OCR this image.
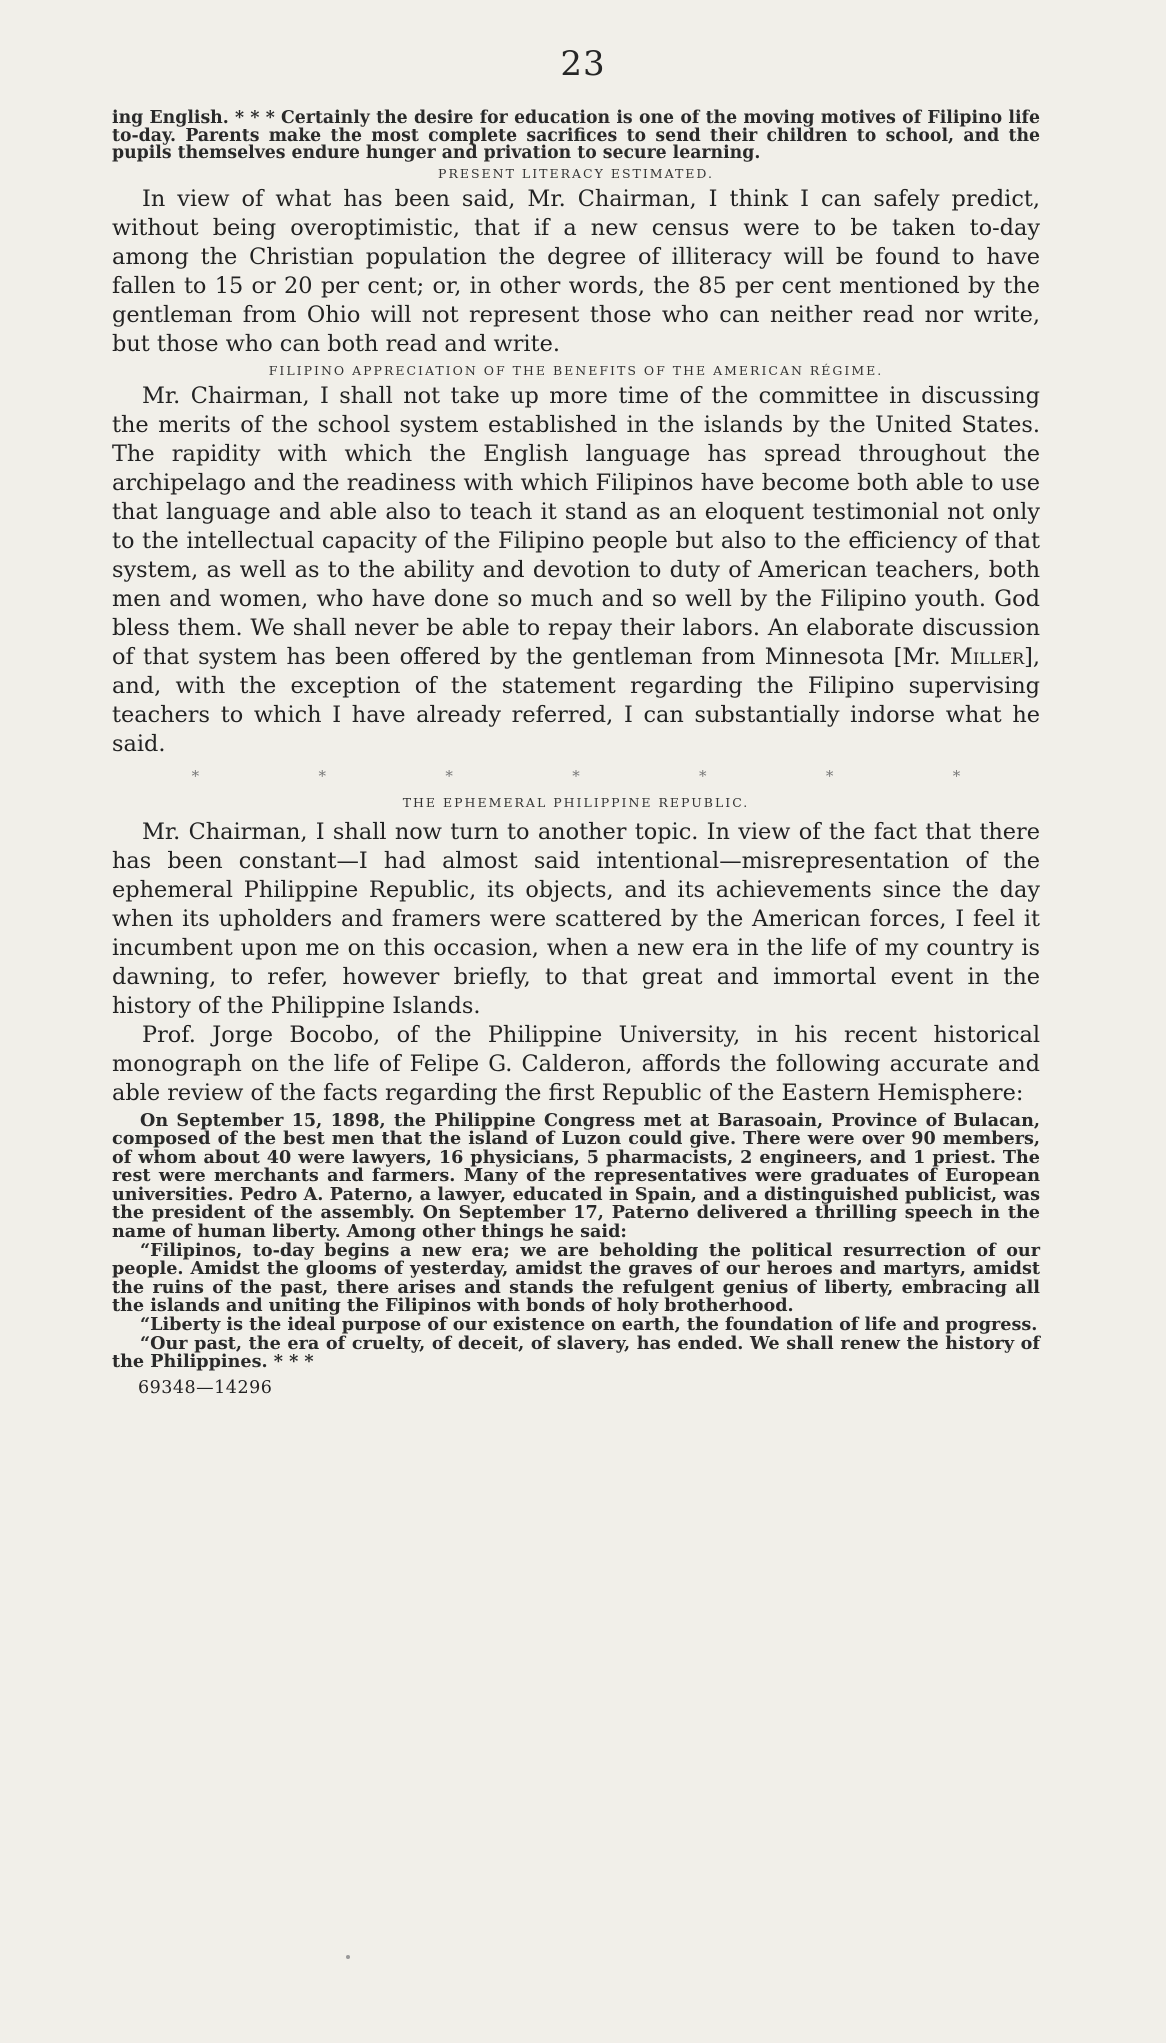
23

ing English. * * * Certainly the desire for education is one of the moving motives of Filipino life to-day. Parents make the most complete sacrifices to send their children to school, and the pupils themselves endure hunger and privation to secure learning.

PRESENT LITERACY ESTIMATED.

In view of what has been said, Mr. Chairman, I think I can safely predict, without being overoptimistic, that if a new census were to be taken to-day among the Christian population the degree of illiteracy will be found to have fallen to 15 or 20 per cent; or, in other words, the 85 per cent mentioned by the gentleman from Ohio will not represent those who can neither read nor write, but those who can both read and write.

FILIPINO APPRECIATION OF THE BENEFITS OF THE AMERICAN RÉGIME.

Mr. Chairman, I shall not take up more time of the committee in discussing the merits of the school system established in the islands by the United States. The rapidity with which the English language has spread throughout the archipelago and the readiness with which Filipinos have become both able to use that language and able also to teach it stand as an eloquent testimonial not only to the intellectual capacity of the Filipino people but also to the efficiency of that system, as well as to the ability and devotion to duty of American teachers, both men and women, who have done so much and so well by the Filipino youth. God bless them. We shall never be able to repay their labors. An elaborate discussion of that system has been offered by the gentleman from Minnesota [Mr. Miller], and, with the exception of the statement regarding the Filipino supervising teachers to which I have already referred, I can substantially indorse what he said.

*	*	*	*	*	*	*
THE EPHEMERAL PHILIPPINE REPUBLIC.

Mr. Chairman, I shall now turn to another topic. In view of the fact that there has been constant—I had almost said intentional—misrepresentation of the ephemeral Philippine Republic, its objects, and its achievements since the day when its upholders and framers were scattered by the American forces, I feel it incumbent upon me on this occasion, when a new era in the life of my country is dawning, to refer, however briefly, to that great and immortal event in the history of the Philippine Islands.

Prof. Jorge Bocobo, of the Philippine University, in his recent historical monograph on the life of Felipe G. Calderon, affords the following accurate and able review of the facts regarding the first Republic of the Eastern Hemisphere:

On September 15, 1898, the Philippine Congress met at Barasoain, Province of Bulacan, composed of the best men that the island of Luzon could give. There were over 90 members, of whom about 40 were lawyers, 16 physicians, 5 pharmacists, 2 engineers, and 1 priest. The rest were merchants and farmers. Many of the representatives were graduates of European universities. Pedro A. Paterno, a lawyer, educated in Spain, and a distinguished publicist, was the president of the assembly. On September 17, Paterno delivered a thrilling speech in the name of human liberty. Among other things he said:

“Filipinos, to-day begins a new era; we are beholding the political resurrection of our people. Amidst the glooms of yesterday, amidst the graves of our heroes and martyrs, amidst the ruins of the past, there arises and stands the refulgent genius of liberty, embracing all the islands and uniting the Filipinos with bonds of holy brotherhood.

“Liberty is the ideal purpose of our existence on earth, the foundation of life and progress.

“Our past, the era of cruelty, of deceit, of slavery, has ended. We shall renew the history of the Philippines. * * *

69348—14296
